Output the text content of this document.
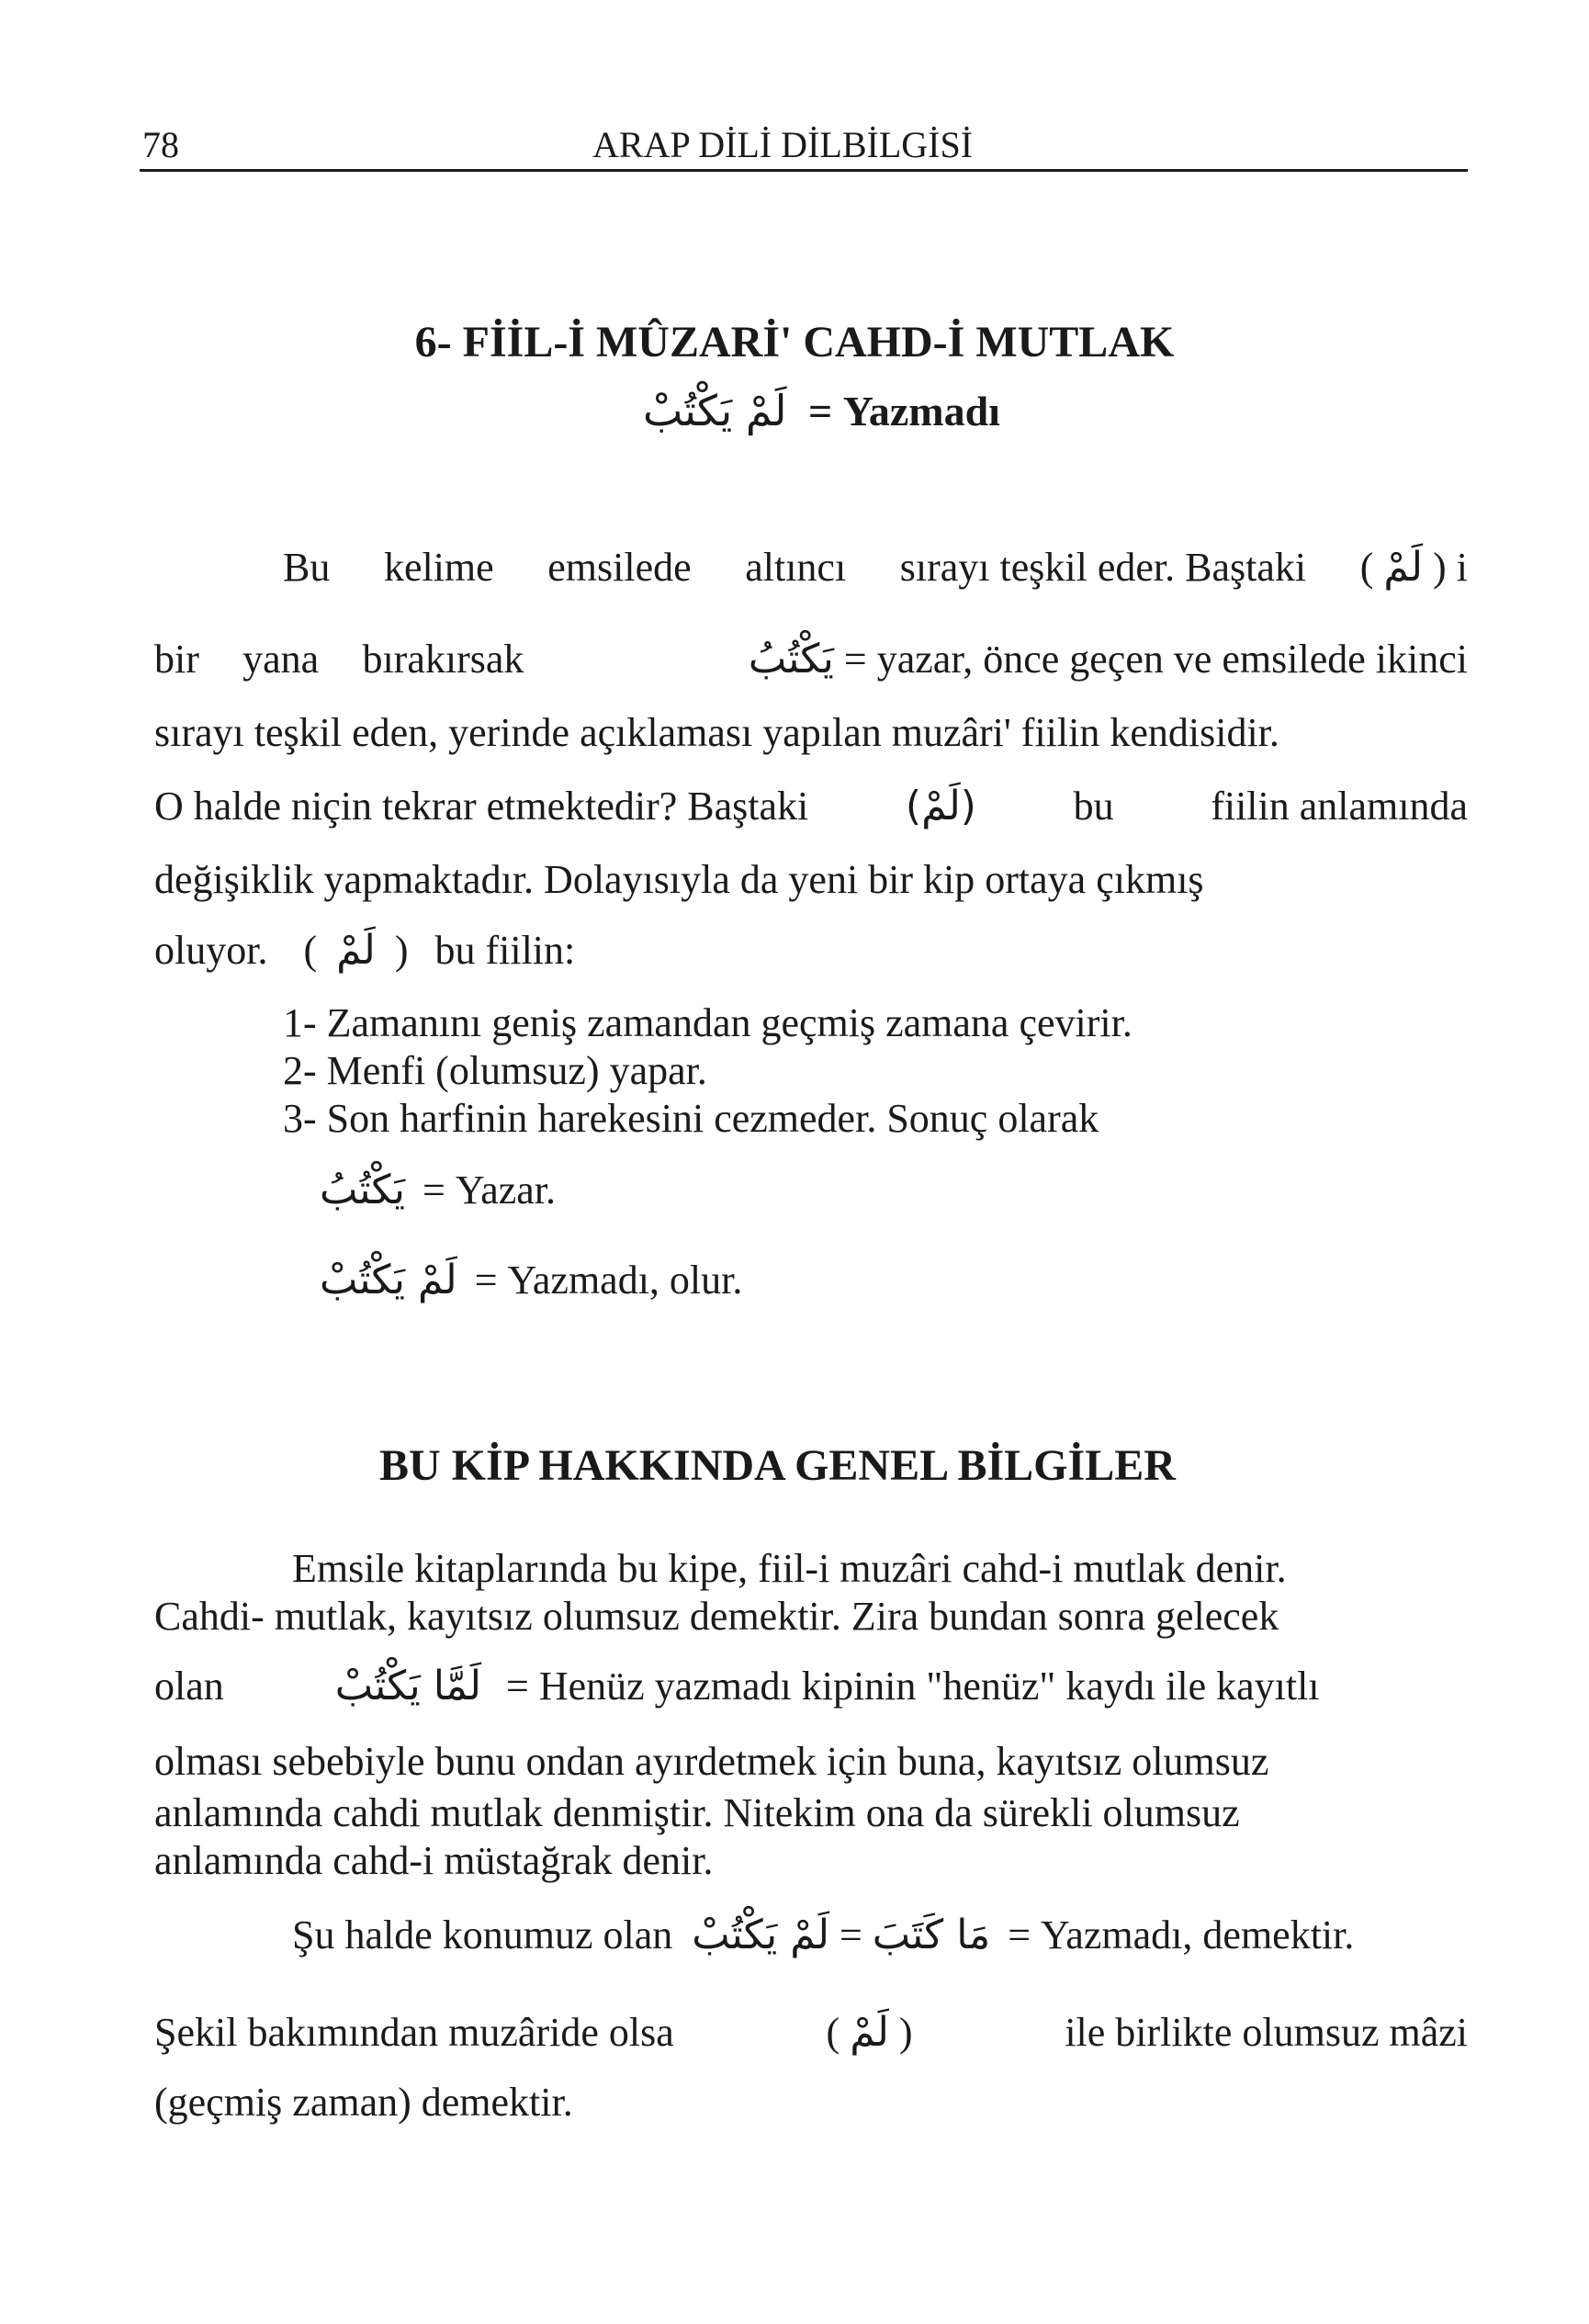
78	ARAP DİLİ DİLBİLGİSİ
6- FİİL-İ MÛZARİ' CAHD-İ MUTLAK
لَمْ يَكْتُبْ = Yazmadı
Bu kelime emsilede altıncı sırayı teşkil eder. Baştaki ( لَمْ ) i
bir yana bırakırsak	يَكْتُبُ = yazar, önce geçen ve emsilede ikinci
sırayı teşkil eden, yerinde açıklaması yapılan muzâri' fiilin kendisidir.
O halde niçin tekrar etmektedir? Baştaki (لَمْ) bu fiilin anlamında
değişiklik yapmaktadır. Dolayısıyla da yeni bir kip ortaya çıkmış
oluyor. ( لَمْ ) bu fiilin:
1- Zamanını geniş zamandan geçmiş zamana çevirir.
2- Menfi (olumsuz) yapar.
3- Son harfinin harekesini cezmeder. Sonuç olarak
يَكْتُبُ = Yazar.
لَمْ يَكْتُبْ = Yazmadı, olur.
BU KİP HAKKINDA GENEL BİLGİLER
Emsile kitaplarında bu kipe, fiil-i muzâri cahd-i mutlak denir.
Cahdi- mutlak, kayıtsız olumsuz demektir. Zira bundan sonra gelecek
olan	لَمَّا يَكْتُبْ = Henüz yazmadı kipinin "henüz" kaydı ile kayıtlı
olması sebebiyle bunu ondan ayırdetmek için buna, kayıtsız olumsuz
anlamında cahdi mutlak denmiştir. Nitekim ona da sürekli olumsuz
anlamında cahd-i müstağrak denir.
Şu halde konumuz olan لَمْ يَكْتُبْ = مَا كَتَبَ = Yazmadı, demektir.
Şekil bakımından muzâride olsa	( لَمْ )	ile birlikte olumsuz mâzi
(geçmiş zaman) demektir.
